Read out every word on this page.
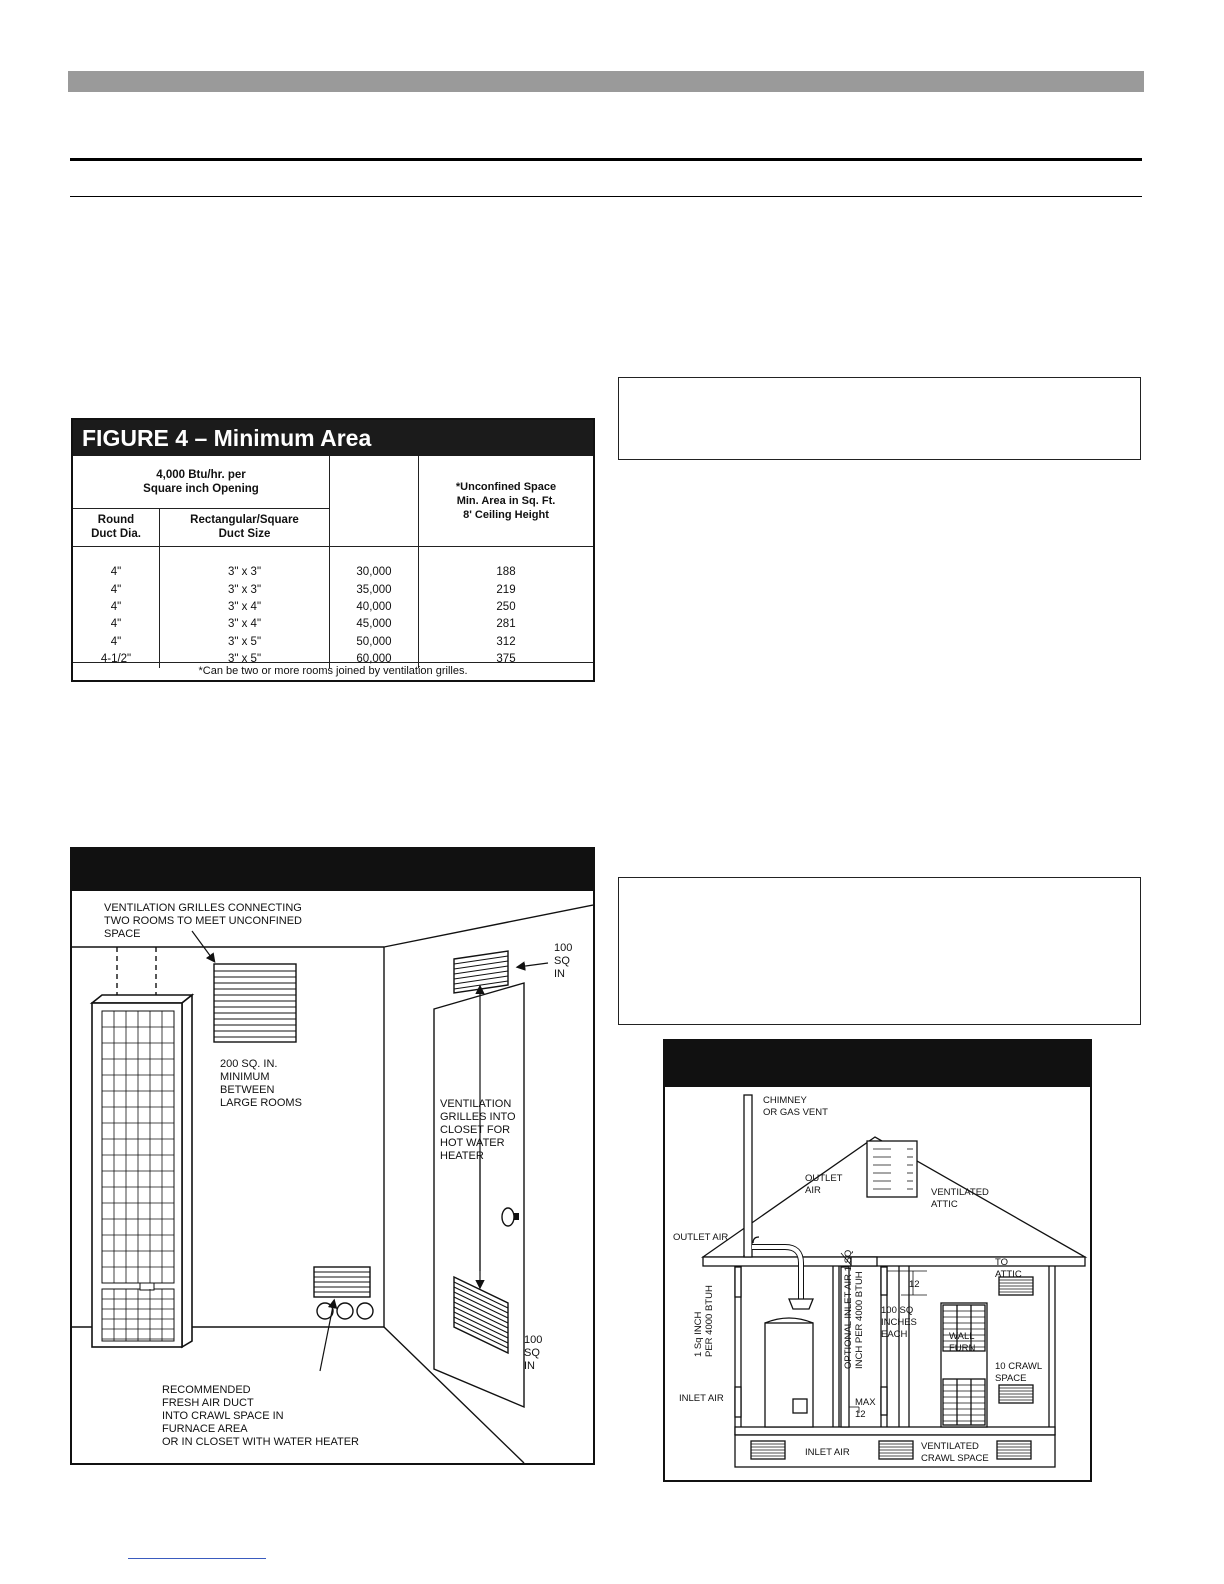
FIGURE 4 – Minimum Area
4,000 Btu/hr. per
Square inch Opening			*Unconfined Space
Min. Area in Sq. Ft.
8' Ceiling Height
Round
Duct Dia.	Rectangular/Square
Duct Size		

4"	3" x 3"	30,000	188
4"	3" x 3"	35,000	219
4"	3" x 4"	40,000	250
4"	3" x 4"	45,000	281
4"	3" x 5"	50,000	312
4-1/2"	3" x 5"	60,000	375
*Can be two or more rooms joined by ventilation grilles.
VENTILATION GRILLES CONNECTING TWO ROOMS TO MEET UNCONFINED SPACE
100 SQ IN
200 SQ. IN. MINIMUM BETWEEN LARGE ROOMS	VENTILATION GRILLES INTO CLOSET FOR HOT WATER HEATER
100 SQ IN
RECOMMENDED FRESH AIR DUCT INTO CRAWL SPACE IN FURNACE AREA OR IN CLOSET WITH WATER HEATER
CHIMNEY OR GAS VENT
OUTLET AIR	VENTILATED ATTIC
OUTLET AIR
12
TO ATTIC
1 Sq INCH PER 4000 BTUH	OPTIONAL INLET AIR 1 SQ INCH PER 4000 BTUH 100 SQ INCHES EACH	WALL FURN
10 CRAWL SPACE
INLET AIR	MAX 12
INLET AIR
VENTILATED CRAWL SPACE
